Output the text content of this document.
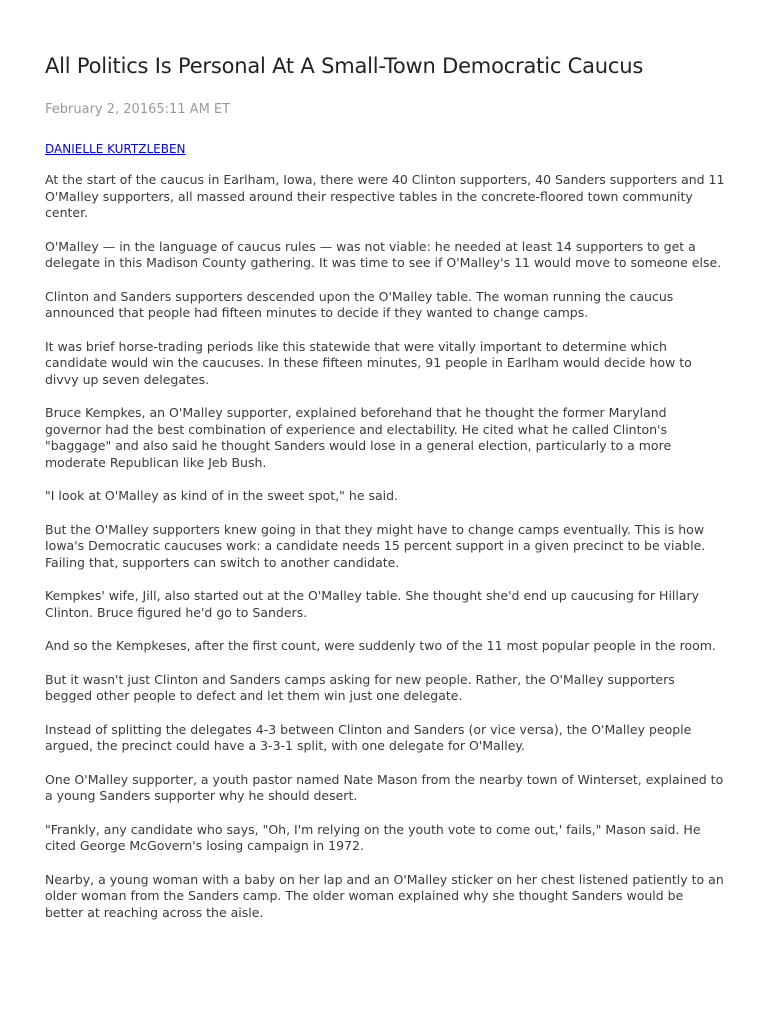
All Politics Is Personal At A Small-Town Democratic Caucus
February 2, 20165:11 AM ET
DANIELLE KURTZLEBEN

At the start of the caucus in Earlham, Iowa, there were 40 Clinton supporters, 40 Sanders supporters and 11 O'Malley supporters, all massed around their respective tables in the concrete-floored town community center.

O'Malley — in the language of caucus rules — was not viable: he needed at least 14 supporters to get a delegate in this Madison County gathering. It was time to see if O'Malley's 11 would move to someone else.

Clinton and Sanders supporters descended upon the O'Malley table. The woman running the caucus announced that people had fifteen minutes to decide if they wanted to change camps.

It was brief horse-trading periods like this statewide that were vitally important to determine which candidate would win the caucuses. In these fifteen minutes, 91 people in Earlham would decide how to divvy up seven delegates.

Bruce Kempkes, an O'Malley supporter, explained beforehand that he thought the former Maryland governor had the best combination of experience and electability. He cited what he called Clinton's "baggage" and also said he thought Sanders would lose in a general election, particularly to a more moderate Republican like Jeb Bush.

"I look at O'Malley as kind of in the sweet spot," he said.

But the O'Malley supporters knew going in that they might have to change camps eventually. This is how Iowa's Democratic caucuses work: a candidate needs 15 percent support in a given precinct to be viable. Failing that, supporters can switch to another candidate.

Kempkes' wife, Jill, also started out at the O'Malley table. She thought she'd end up caucusing for Hillary Clinton. Bruce figured he'd go to Sanders.

And so the Kempkeses, after the first count, were suddenly two of the 11 most popular people in the room.

But it wasn't just Clinton and Sanders camps asking for new people. Rather, the O'Malley supporters begged other people to defect and let them win just one delegate.

Instead of splitting the delegates 4-3 between Clinton and Sanders (or vice versa), the O'Malley people argued, the precinct could have a 3-3-1 split, with one delegate for O'Malley.

One O'Malley supporter, a youth pastor named Nate Mason from the nearby town of Winterset, explained to a young Sanders supporter why he should desert.

"Frankly, any candidate who says, "Oh, I'm relying on the youth vote to come out,' fails," Mason said. He cited George McGovern's losing campaign in 1972.

Nearby, a young woman with a baby on her lap and an O'Malley sticker on her chest listened patiently to an older woman from the Sanders camp. The older woman explained why she thought Sanders would be better at reaching across the aisle.
